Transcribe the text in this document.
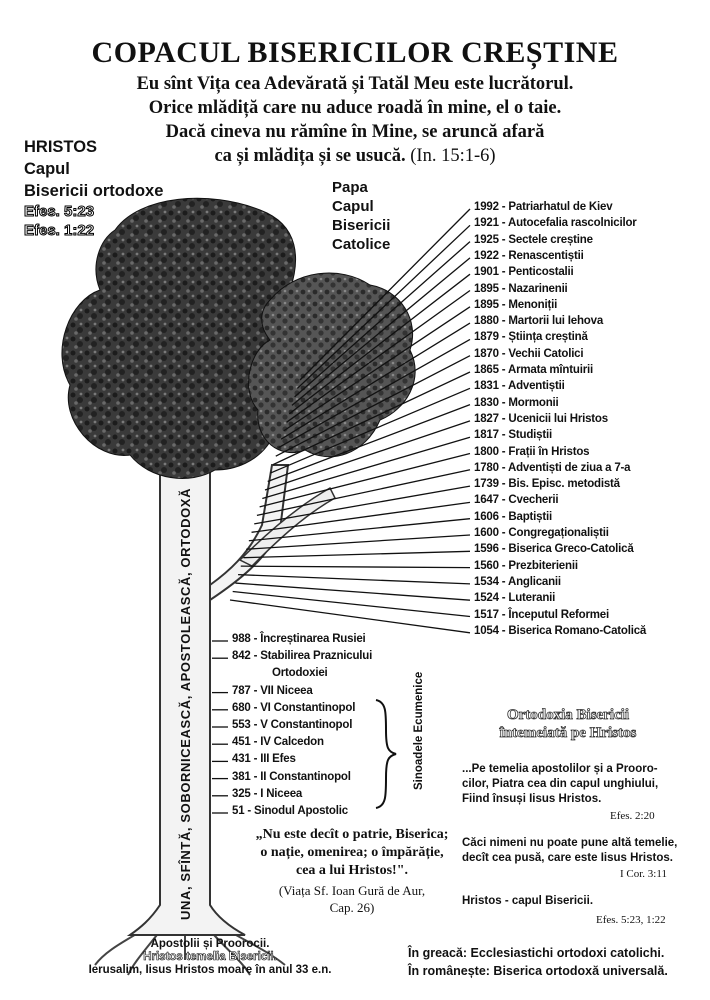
COPACUL BISERICILOR CREȘTINE
Eu sînt Vița cea Adevărată și Tatăl Meu este lucrătorul.
Orice mlădiță care nu aduce roadă în mine, el o taie.
Dacă cineva nu rămîne în Mine, se aruncă afară
ca și mlădița și se usucă. (In. 15:1-6)
HRISTOS
Capul
Bisericii ortodoxe
Efes. 5:23
Efes. 1:22
Papa
Capul
Bisericii
Catolice
1992 - Patriarhatul de Kiev
1921 - Autocefalia rascolnicilor
1925 - Sectele creștine
1922 - Renascentiștii
1901 - Penticostalii
1895 - Nazarinenii
1895 - Menoniții
1880 - Martorii lui Iehova
1879 - Știința creștină
1870 - Vechii Catolici
1865 - Armata mîntuirii
1831 - Adventiștii
1830 - Mormonii
1827 - Ucenicii lui Hristos
1817 - Studiștii
1800 - Frații în Hristos
1780 - Adventiști de ziua a 7-a
1739 - Bis. Episc. metodistă
1647 - Cvecherii
1606 - Baptiștii
1600 - Congregaționaliștii
1596 - Biserica Greco-Catolică
1560 - Prezbiterienii
1534 - Anglicanii
1524 - Luteranii
1517 - Începutul Reformei
1054 - Biserica Romano-Catolică
988 - Încreștinarea Rusiei
842 - Stabilirea Praznicului
Ortodoxiei
787 - VII Niceea
680 - VI Constantinopol
553 - V Constantinopol
451 - IV Calcedon
431 - III Efes
381 - II Constantinopol
325 - I Niceea
51 - Sinodul Apostolic
Sinoadele Ecumenice
UNA, SFÎNTĂ, SOBORNICEASCĂ, APOSTOLEASCĂ, ORTODOXĂ	„Nu este decît o patrie, Biserica;
o nație, omenirea; o împărăție,
cea a lui Hristos!".
(Viața Sf. Ioan Gură de Aur,
Cap. 26)
Ortodoxia Bisericii
întemeiată pe Hristos
...Pe temelia apostolilor și a Prooro-
cilor, Piatra cea din capul unghiului,
Fiind însuși Iisus Hristos.
Efes. 2:20
Căci nimeni nu poate pune altă temelie,
decît cea pusă, care este Iisus Hristos.
I Cor. 3:11
Hristos - capul Bisericii.
Efes. 5:23, 1:22
În greacă: Ecclesiastichi ortodoxi catolichi.
În românește: Biserica ortodoxă universală.
Apostolii și Proorocii.
Hristos temelia Bisericii.
Ierusalim, Iisus Hristos moare în anul 33 e.n.
